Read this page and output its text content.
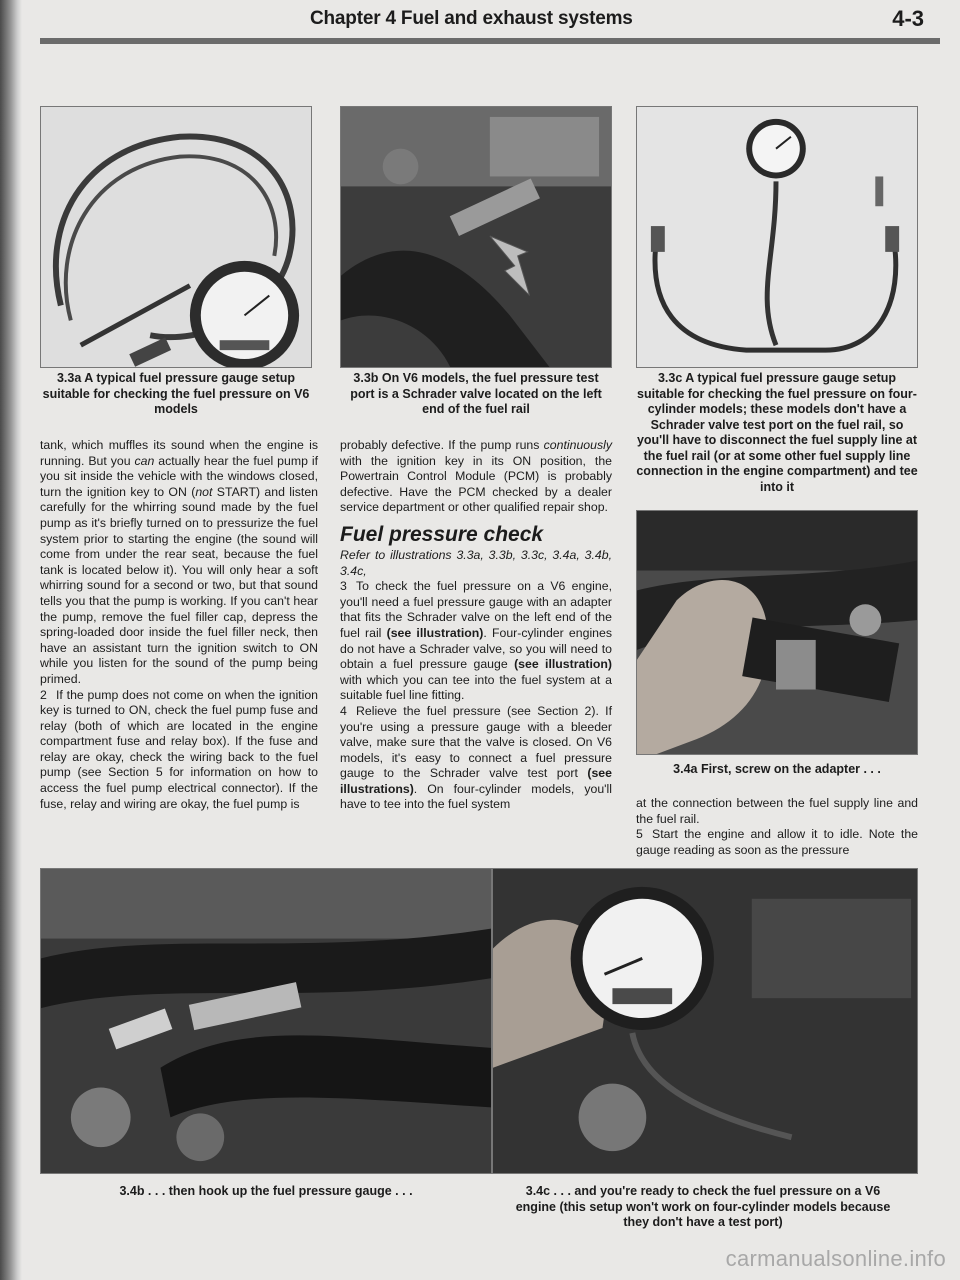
Chapter 4 Fuel and exhaust systems	4-3
3.3a A typical fuel pressure gauge setup suitable for checking the fuel pressure on V6 models
3.3b On V6 models, the fuel pressure test port is a Schrader valve located on the left end of the fuel rail
3.3c A typical fuel pressure gauge setup suitable for checking the fuel pressure on four-cylinder models; these models don't have a Schrader valve test port on the fuel rail, so you'll have to disconnect the fuel supply line at the fuel rail (or at some other fuel supply line connection in the engine compartment) and tee into it

tank, which muffles its sound when the engine is running. But you can actually hear the fuel pump if you sit inside the vehicle with the windows closed, turn the ignition key to ON (not START) and listen carefully for the whirring sound made by the fuel pump as it's briefly turned on to pressurize the fuel system prior to starting the engine (the sound will come from under the rear seat, because the fuel tank is located below it). You will only hear a soft whirring sound for a second or two, but that sound tells you that the pump is working. If you can't hear the pump, remove the fuel filler cap, depress the spring-loaded door inside the fuel filler neck, then have an assistant turn the ignition switch to ON while you listen for the sound of the pump being primed.

2 If the pump does not come on when the ignition key is turned to ON, check the fuel pump fuse and relay (both of which are located in the engine compartment fuse and relay box). If the fuse and relay are okay, check the wiring back to the fuel pump (see Section 5 for information on how to access the fuel pump electrical connector). If the fuse, relay and wiring are okay, the fuel pump is

probably defective. If the pump runs continuously with the ignition key in its ON position, the Powertrain Control Module (PCM) is probably defective. Have the PCM checked by a dealer service department or other qualified repair shop.

Fuel pressure check

Refer to illustrations 3.3a, 3.3b, 3.3c, 3.4a, 3.4b, 3.4c,

3 To check the fuel pressure on a V6 engine, you'll need a fuel pressure gauge with an adapter that fits the Schrader valve on the left end of the fuel rail (see illustration). Four-cylinder engines do not have a Schrader valve, so you will need to obtain a fuel pressure gauge (see illustration) with which you can tee into the fuel system at a suitable fuel line fitting.

4 Relieve the fuel pressure (see Section 2). If you're using a pressure gauge with a bleeder valve, make sure that the valve is closed. On V6 models, it's easy to connect a fuel pressure gauge to the Schrader valve test port (see illustrations). On four-cylinder models, you'll have to tee into the fuel system

3.4a First, screw on the adapter . . .

at the connection between the fuel supply line and the fuel rail.

5 Start the engine and allow it to idle. Note the gauge reading as soon as the pressure

3.4b . . . then hook up the fuel pressure gauge . . .	3.4c . . . and you're ready to check the fuel pressure on a V6 engine (this setup won't work on four-cylinder models because they don't have a test port)
carmanualsonline.info
